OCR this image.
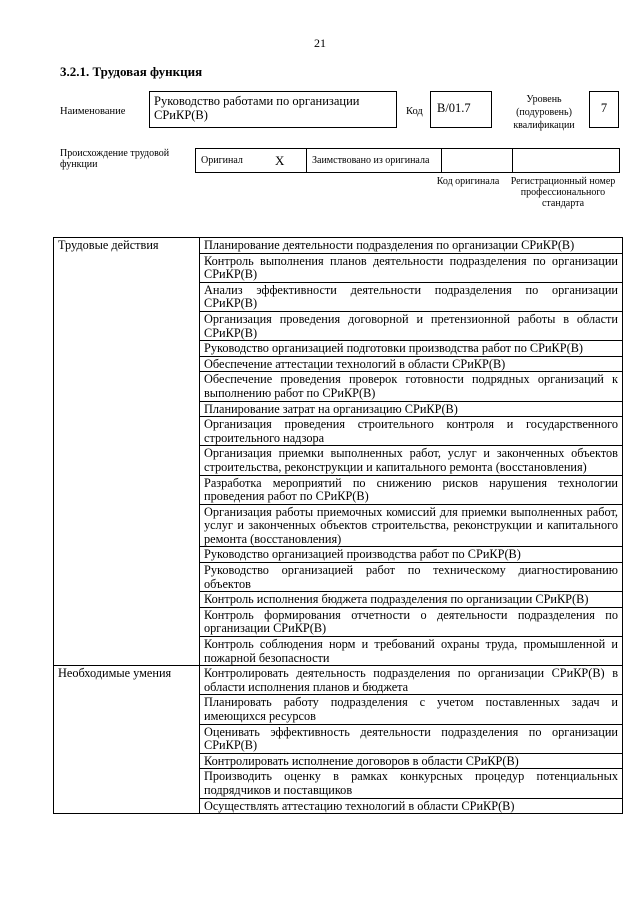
21
3.2.1. Трудовая функция
Наименование
Руководство работами по организации СРиКР(В)	Код	B/01.7
Уровень (подуровень) квалификации
7
Происхождение трудовой функции	Оригинал	X	Заимствовано из оригинала		
Код оригинала	Регистрационный номер профессионального стандарта
Трудовые действия	Планирование деятельности подразделения по организации СРиКР(В)
	Контроль выполнения планов деятельности подразделения по организации СРиКР(В)
	Анализ эффективности деятельности подразделения по организации СРиКР(В)
	Организация проведения договорной и претензионной работы в области СРиКР(В)
	Руководство организацией подготовки производства работ по СРиКР(В)
	Обеспечение аттестации технологий в области СРиКР(В)
	Обеспечение проведения проверок готовности подрядных организаций к выполнению работ по СРиКР(В)
	Планирование затрат на организацию СРиКР(В)
	Организация проведения строительного контроля и государственного строительного надзора
	Организация приемки выполненных работ, услуг и законченных объектов строительства, реконструкции и капитального ремонта (восстановления)
	Разработка мероприятий по снижению рисков нарушения технологии проведения работ по СРиКР(В)
	Организация работы приемочных комиссий для приемки выполненных работ, услуг и законченных объектов строительства, реконструкции и капитального ремонта (восстановления)
	Руководство организацией производства работ по СРиКР(В)
	Руководство организацией работ по техническому диагностированию объектов
	Контроль исполнения бюджета подразделения по организации СРиКР(В)
	Контроль формирования отчетности о деятельности подразделения по организации СРиКР(В)
	Контроль соблюдения норм и требований охраны труда, промышленной и пожарной безопасности
Необходимые умения	Контролировать деятельность подразделения по организации СРиКР(В) в области исполнения планов и бюджета
	Планировать работу подразделения с учетом поставленных задач и имеющихся ресурсов
	Оценивать эффективность деятельности подразделения по организации СРиКР(В)
	Контролировать исполнение договоров в области СРиКР(В)
	Производить оценку в рамках конкурсных процедур потенциальных подрядчиков и поставщиков
	Осуществлять аттестацию технологий в области СРиКР(В)
